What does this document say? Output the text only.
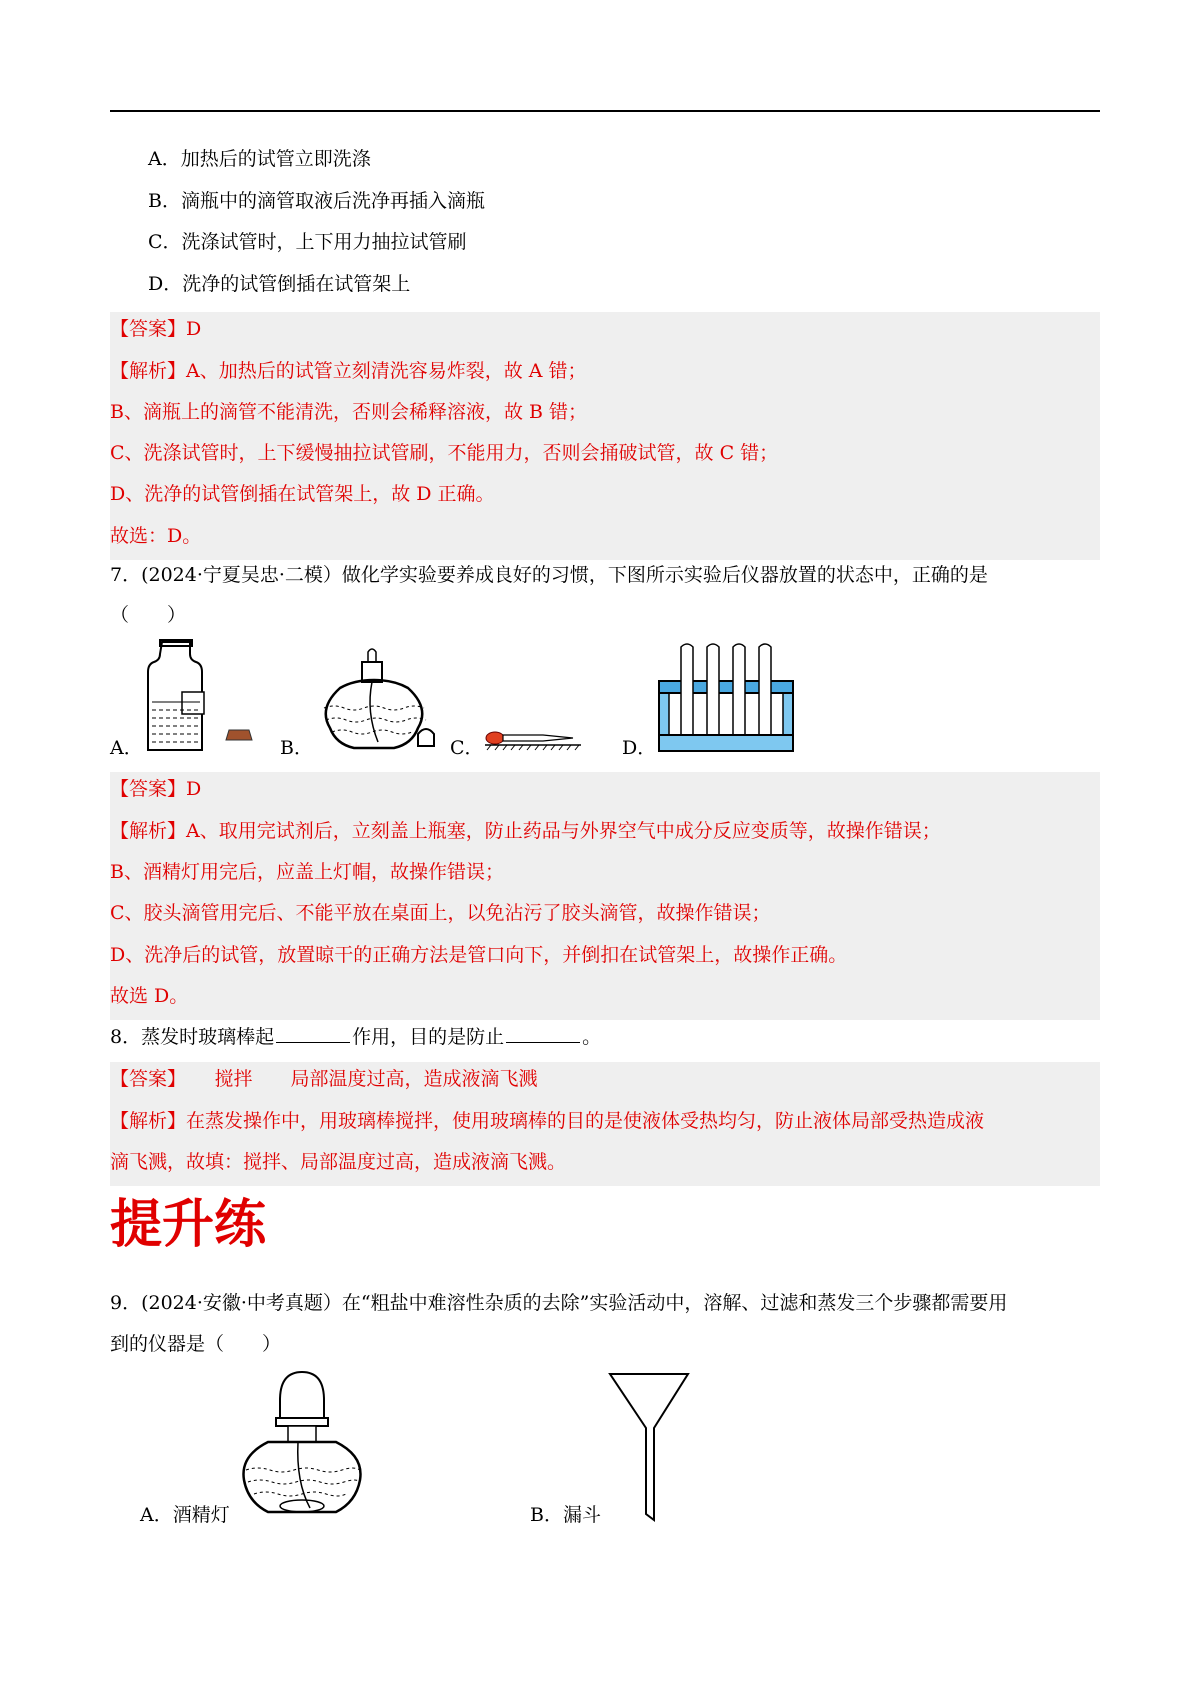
A．加热后的试管立即洗涤
B．滴瓶中的滴管取液后洗净再插入滴瓶
C．洗涤试管时，上下用力抽拉试管刷
D．洗净的试管倒插在试管架上
【答案】D
【解析】A、加热后的试管立刻清洗容易炸裂，故 A 错；
B、滴瓶上的滴管不能清洗，否则会稀释溶液，故 B 错；
C、洗涤试管时，上下缓慢抽拉试管刷，不能用力，否则会捅破试管，故 C 错；
D、洗净的试管倒插在试管架上，故 D 正确。
故选：D。
7．(2024·宁夏吴忠·二模）做化学实验要养成良好的习惯，下图所示实验后仪器放置的状态中，正确的是
（　　）
A．	B．	C．	D．
【答案】D
【解析】A、取用完试剂后，立刻盖上瓶塞，防止药品与外界空气中成分反应变质等，故操作错误；
B、酒精灯用完后，应盖上灯帽，故操作错误；
C、胶头滴管用完后、不能平放在桌面上，以免沾污了胶头滴管，故操作错误；
D、洗净后的试管，放置晾干的正确方法是管口向下，并倒扣在试管架上，故操作正确。
故选 D。
8．蒸发时玻璃棒起	作用，目的是防止	。
【答案】　　搅拌　　局部温度过高，造成液滴飞溅
【解析】在蒸发操作中，用玻璃棒搅拌，使用玻璃棒的目的是使液体受热均匀，防止液体局部受热造成液
滴飞溅，故填：搅拌、局部温度过高，造成液滴飞溅。
提升练
9．(2024·安徽·中考真题）在“粗盐中难溶性杂质的去除”实验活动中，溶解、过滤和蒸发三个步骤都需要用
到的仪器是（　　）
A．酒精灯	B．漏斗
